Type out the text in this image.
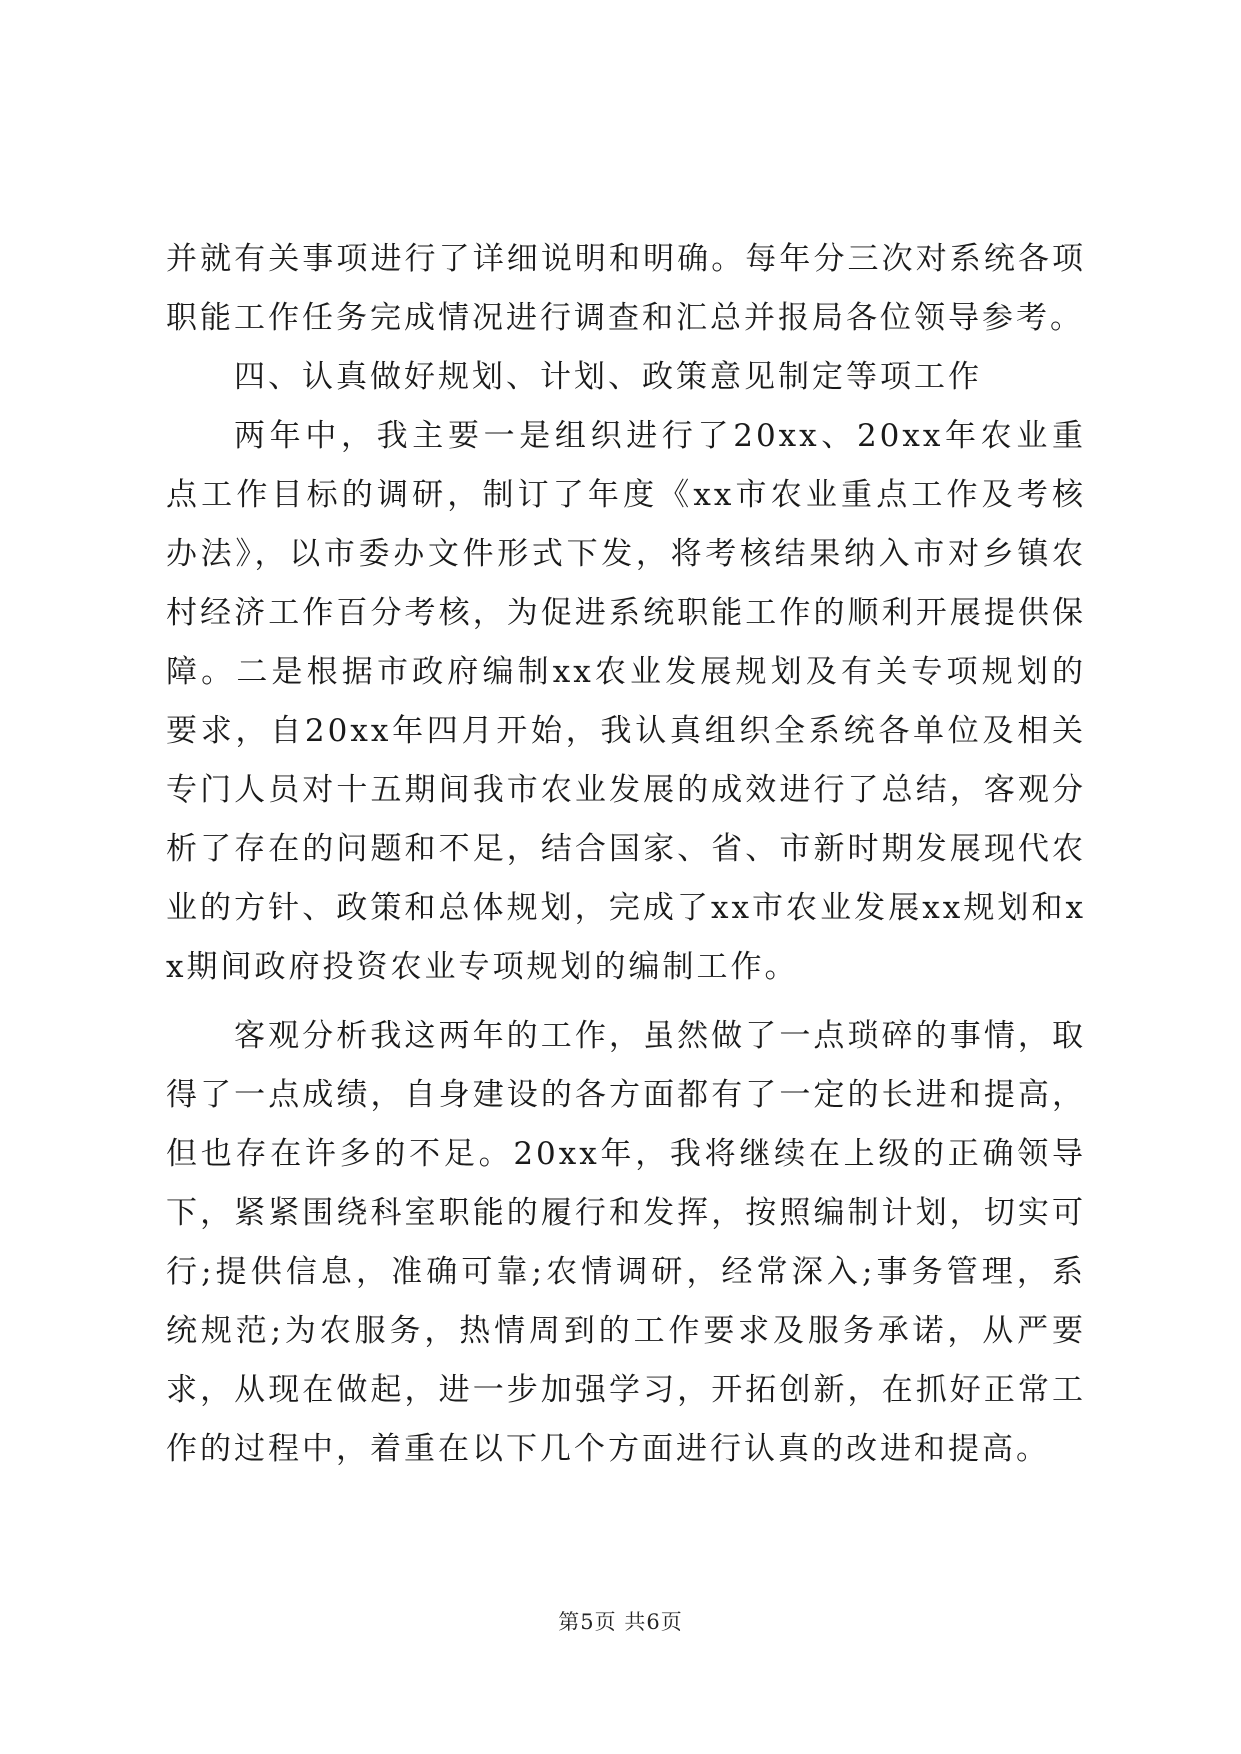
并就有关事项进行了详细说明和明确。每年分三次对系统各项职能工作任务完成情况进行调查和汇总并报局各位领导参考。

四、认真做好规划、计划、政策意见制定等项工作

两年中，我主要一是组织进行了20xx、20xx年农业重点工作目标的调研，制订了年度《xx市农业重点工作及考核办法》，以市委办文件形式下发，将考核结果纳入市对乡镇农村经济工作百分考核，为促进系统职能工作的顺利开展提供保障。二是根据市政府编制xx农业发展规划及有关专项规划的要求，自20xx年四月开始，我认真组织全系统各单位及相关专门人员对十五期间我市农业发展的成效进行了总结，客观分析了存在的问题和不足，结合国家、省、市新时期发展现代农业的方针、政策和总体规划，完成了xx市农业发展xx规划和xx期间政府投资农业专项规划的编制工作。

客观分析我这两年的工作，虽然做了一点琐碎的事情，取得了一点成绩，自身建设的各方面都有了一定的长进和提高，但也存在许多的不足。20xx年，我将继续在上级的正确领导下，紧紧围绕科室职能的履行和发挥，按照编制计划，切实可行;提供信息，准确可靠;农情调研，经常深入;事务管理，系统规范;为农服务，热情周到的工作要求及服务承诺，从严要求，从现在做起，进一步加强学习，开拓创新，在抓好正常工作的过程中，着重在以下几个方面进行认真的改进和提高。

第5页 共6页
